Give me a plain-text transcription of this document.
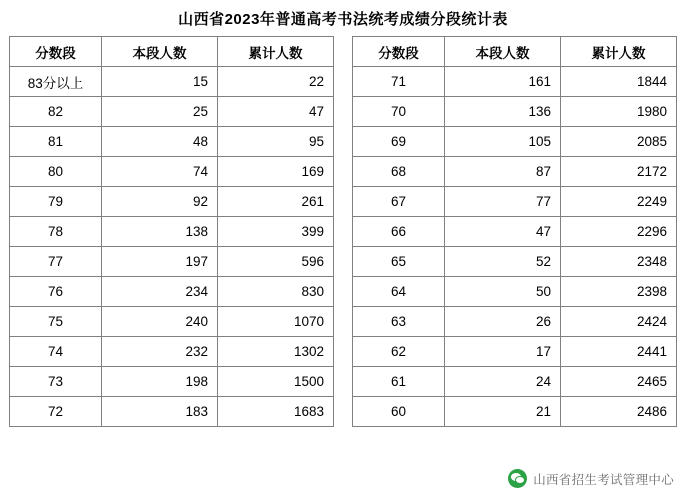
山西省2023年普通高考书法统考成绩分段统计表
分数段	本段人数	累计人数
83分以上	15	22
82	25	47
81	48	95
80	74	169
79	92	261
78	138	399
77	197	596
76	234	830
75	240	1070
74	232	1302
73	198	1500
72	183	1683
分数段	本段人数	累计人数
71	161	1844
70	136	1980
69	105	2085
68	87	2172
67	77	2249
66	47	2296
65	52	2348
64	50	2398
63	26	2424
62	17	2441
61	24	2465
60	21	2486
山西省招生考试管理中心
